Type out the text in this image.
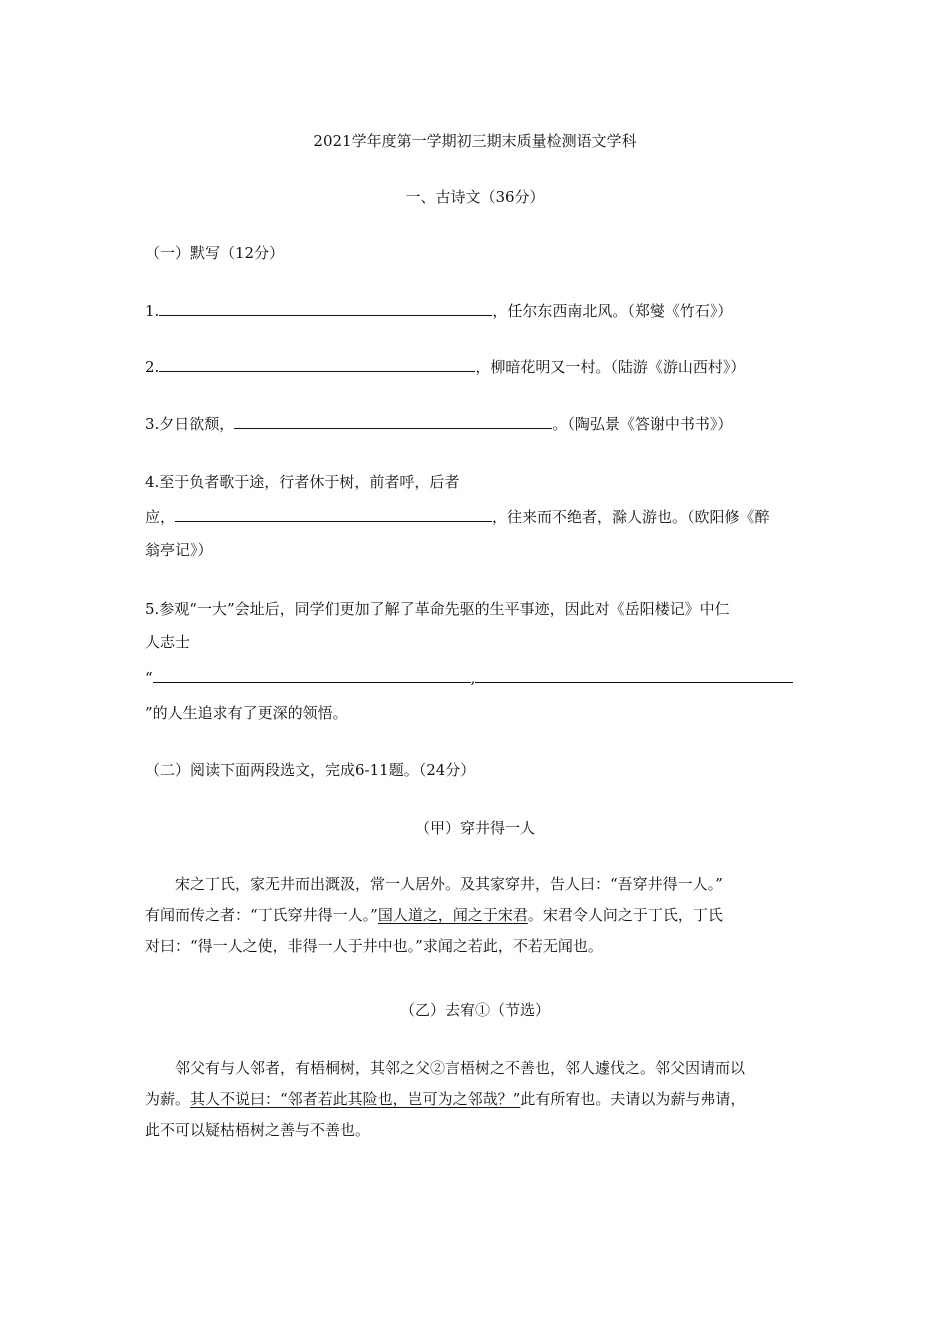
2021学年度第一学期初三期末质量检测语文学科
一、古诗文（36分）
（一）默写（12分）
1.	，任尔东西南北风。（郑燮《竹石》）
2.	，柳暗花明又一村。（陆游《游山西村》）
3.夕日欲颓，	。（陶弘景《答谢中书书》）
4.至于负者歌于途，行者休于树，前者呼，后者
应，	，往来而不绝者，滁人游也。（欧阳修《醉
翁亭记》）
5.参观“一大”会址后，同学们更加了解了革命先驱的生平事迹，因此对《岳阳楼记》中仁
人志士
“	,
”的人生追求有了更深的领悟。
（二）阅读下面两段选文，完成6-11题。（24分）
（甲）穿井得一人
宋之丁氏，家无井而出溉汲，常一人居外。及其家穿井，告人曰：“吾穿井得一人。”
有闻而传之者：“丁氏穿井得一人。”国人道之，闻之于宋君。宋君令人问之于丁氏，丁氏
对曰：“得一人之使，非得一人于井中也。”求闻之若此，不若无闻也。
（乙）去宥①（节选）
邻父有与人邻者，有梧桐树，其邻之父②言梧树之不善也，邻人遽伐之。邻父因请而以
为薪。其人不说曰：“邻者若此其险也，岂可为之邻哉？”此有所宥也。夫请以为薪与弗请，
此不可以疑枯梧树之善与不善也。
